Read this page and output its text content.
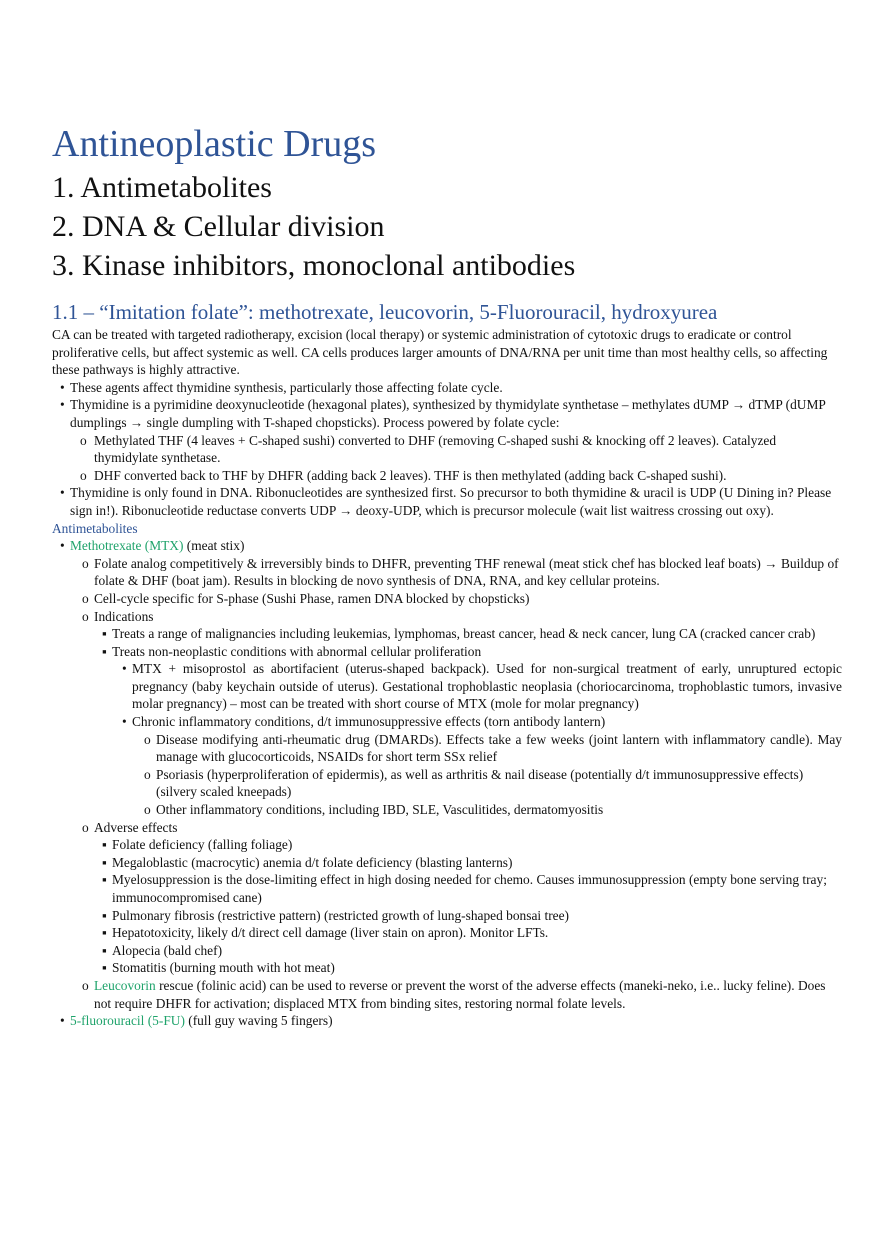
Antineoplastic Drugs
1. Antimetabolites
2. DNA & Cellular division
3. Kinase inhibitors, monoclonal antibodies
1.1 – “Imitation folate”: methotrexate, leucovorin, 5-Fluorouracil, hydroxyurea

CA can be treated with targeted radiotherapy, excision (local therapy) or systemic administration of cytotoxic drugs to eradicate or control proliferative cells, but affect systemic as well. CA cells produces larger amounts of DNA/RNA per unit time than most healthy cells, so affecting these pathways is highly attractive.

• These agents affect thymidine synthesis, particularly those affecting folate cycle.
• Thymidine is a pyrimidine deoxynucleotide (hexagonal plates), synthesized by thymidylate synthetase – methylates dUMP → dTMP (dUMP dumplings → single dumpling with T-shaped chopsticks). Process powered by folate cycle:
o Methylated THF (4 leaves + C-shaped sushi) converted to DHF (removing C-shaped sushi & knocking off 2 leaves). Catalyzed thymidylate synthetase.
o DHF converted back to THF by DHFR (adding back 2 leaves). THF is then methylated (adding back C-shaped sushi).
• Thymidine is only found in DNA. Ribonucleotides are synthesized first. So precursor to both thymidine & uracil is UDP (U Dining in? Please sign in!). Ribonucleotide reductase converts UDP → deoxy-UDP, which is precursor molecule (wait list waitress crossing out oxy).
Antimetabolites
• Methotrexate (MTX) (meat stix)
o Folate analog competitively & irreversibly binds to DHFR, preventing THF renewal (meat stick chef has blocked leaf boats) → Buildup of folate & DHF (boat jam). Results in blocking de novo synthesis of DNA, RNA, and key cellular proteins.
o Cell-cycle specific for S-phase (Sushi Phase, ramen DNA blocked by chopsticks)
o Indications
▪ Treats a range of malignancies including leukemias, lymphomas, breast cancer, head & neck cancer, lung CA (cracked cancer crab)
▪ Treats non-neoplastic conditions with abnormal cellular proliferation
• MTX + misoprostol as abortifacient (uterus-shaped backpack). Used for non-surgical treatment of early, unruptured ectopic pregnancy (baby keychain outside of uterus). Gestational trophoblastic neoplasia (choriocarcinoma, trophoblastic tumors, invasive molar pregnancy) – most can be treated with short course of MTX (mole for molar pregnancy)
• Chronic inflammatory conditions, d/t immunosuppressive effects (torn antibody lantern)
o Disease modifying anti-rheumatic drug (DMARDs). Effects take a few weeks (joint lantern with inflammatory candle). May manage with glucocorticoids, NSAIDs for short term SSx relief
o Psoriasis (hyperproliferation of epidermis), as well as arthritis & nail disease (potentially d/t immunosuppressive effects) (silvery scaled kneepads)
o Other inflammatory conditions, including IBD, SLE, Vasculitides, dermatomyositis
o Adverse effects
▪ Folate deficiency (falling foliage)
▪ Megaloblastic (macrocytic) anemia d/t folate deficiency (blasting lanterns)
▪ Myelosuppression is the dose-limiting effect in high dosing needed for chemo. Causes immunosuppression (empty bone serving tray; immunocompromised cane)
▪ Pulmonary fibrosis (restrictive pattern) (restricted growth of lung-shaped bonsai tree)
▪ Hepatotoxicity, likely d/t direct cell damage (liver stain on apron). Monitor LFTs.
▪ Alopecia (bald chef)
▪ Stomatitis (burning mouth with hot meat)
o Leucovorin rescue (folinic acid) can be used to reverse or prevent the worst of the adverse effects (maneki-neko, i.e.. lucky feline). Does not require DHFR for activation; displaced MTX from binding sites, restoring normal folate levels.
• 5-fluorouracil (5-FU) (full guy waving 5 fingers)
